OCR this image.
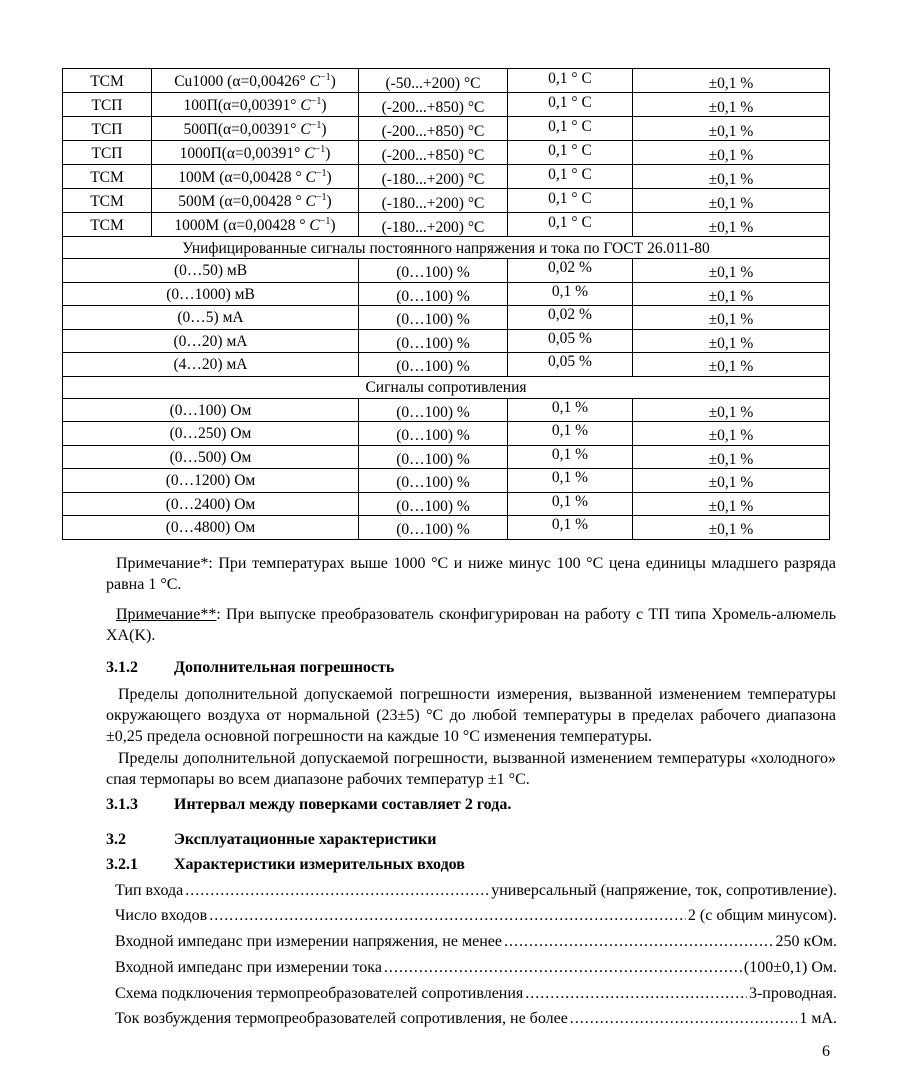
ТСМ	Cu1000 (α=0,00426° $C^{-1}$)	(-50...+200) °С	0,1 ° С	±0,1 %
ТСП	100П(α=0,00391° $C^{-1}$)	(-200...+850) °С	0,1 ° С	±0,1 %
ТСП	500П(α=0,00391° $C^{-1}$)	(-200...+850) °С	0,1 ° С	±0,1 %
ТСП	1000П(α=0,00391° $C^{-1}$)	(-200...+850) °С	0,1 ° С	±0,1 %
ТСМ	100М (α=0,00428 ° $C^{-1}$)	(-180...+200) °С	0,1 ° С	±0,1 %
ТСМ	500М (α=0,00428 ° $C^{-1}$)	(-180...+200) °С	0,1 ° С	±0,1 %
ТСМ	1000М (α=0,00428 ° $C^{-1}$)	(-180...+200) °С	0,1 ° С	±0,1 %
Унифицированные сигналы постоянного напряжения и тока по ГОСТ 26.011-80				
(0…50) мВ		(0…100) %	0,02 %	±0,1 %
(0…1000) мВ		(0…100) %	0,1 %	±0,1 %
(0…5) мА		(0…100) %	0,02 %	±0,1 %
(0…20) мА		(0…100) %	0,05 %	±0,1 %
(4…20) мА		(0…100) %	0,05 %	±0,1 %
Сигналы сопротивления				
(0…100) Ом		(0…100) %	0,1 %	±0,1 %
(0…250) Ом		(0…100) %	0,1 %	±0,1 %
(0…500) Ом		(0…100) %	0,1 %	±0,1 %
(0…1200) Ом		(0…100) %	0,1 %	±0,1 %
(0…2400) Ом		(0…100) %	0,1 %	±0,1 %
(0…4800) Ом		(0…100) %	0,1 %	±0,1 %
Примечание*: При температурах выше 1000 °С и ниже минус 100 °С цена единицы младшего разряда равна 1 °С.
Примечание**: При выпуске преобразователь сконфигурирован на работу с ТП типа Хромель-алюмель ХА(K).
3.1.2 Дополнительная погрешность
Пределы дополнительной допускаемой погрешности измерения, вызванной изменением температуры окружающего воздуха от нормальной (23±5) °С до любой температуры в пределах рабочего диапазона ±0,25 предела основной погрешности на каждые 10 °С изменения температуры.
Пределы дополнительной допускаемой погрешности, вызванной изменением температуры «холодного» спая термопары во всем диапазоне рабочих температур ±1 °С.
3.1.3 Интервал между поверками составляет 2 года.
3.2	Эксплуатационные характеристики
3.2.1 Характеристики измерительных входов
Тип входа .....	универсальный (напряжение, ток, сопротивление).
Число входов .....	2 (с общим минусом).
Входной импеданс при измерении напряжения, не менее .....	250 кОм.
Входной импеданс при измерении тока .....	(100±0,1) Ом.
Схема подключения термопреобразователей сопротивления .....	3-проводная.
Ток возбуждения термопреобразователей сопротивления, не более .....	1 мА.
6
